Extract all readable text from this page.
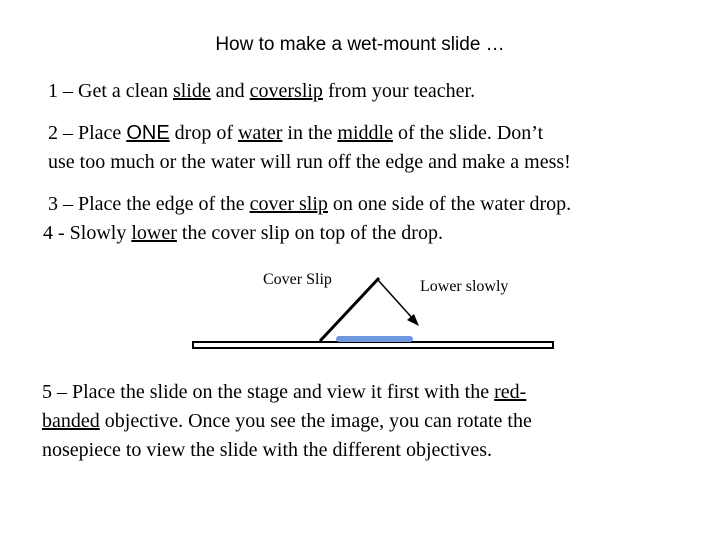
How to make a wet-mount slide …
1 – Get a clean slide and coverslip from your teacher.
2 – Place ONE drop of water in the middle of the slide. Don’t
use too much or the water will run off the edge and make a mess!
3 – Place the edge of the cover slip on one side of the water drop.
4 - Slowly lower the cover slip on top of the drop.
Cover Slip	Lower slowly
5 – Place the slide on the stage and view it first with the red-
banded objective. Once you see the image, you can rotate the
nosepiece to view the slide with the different objectives.
